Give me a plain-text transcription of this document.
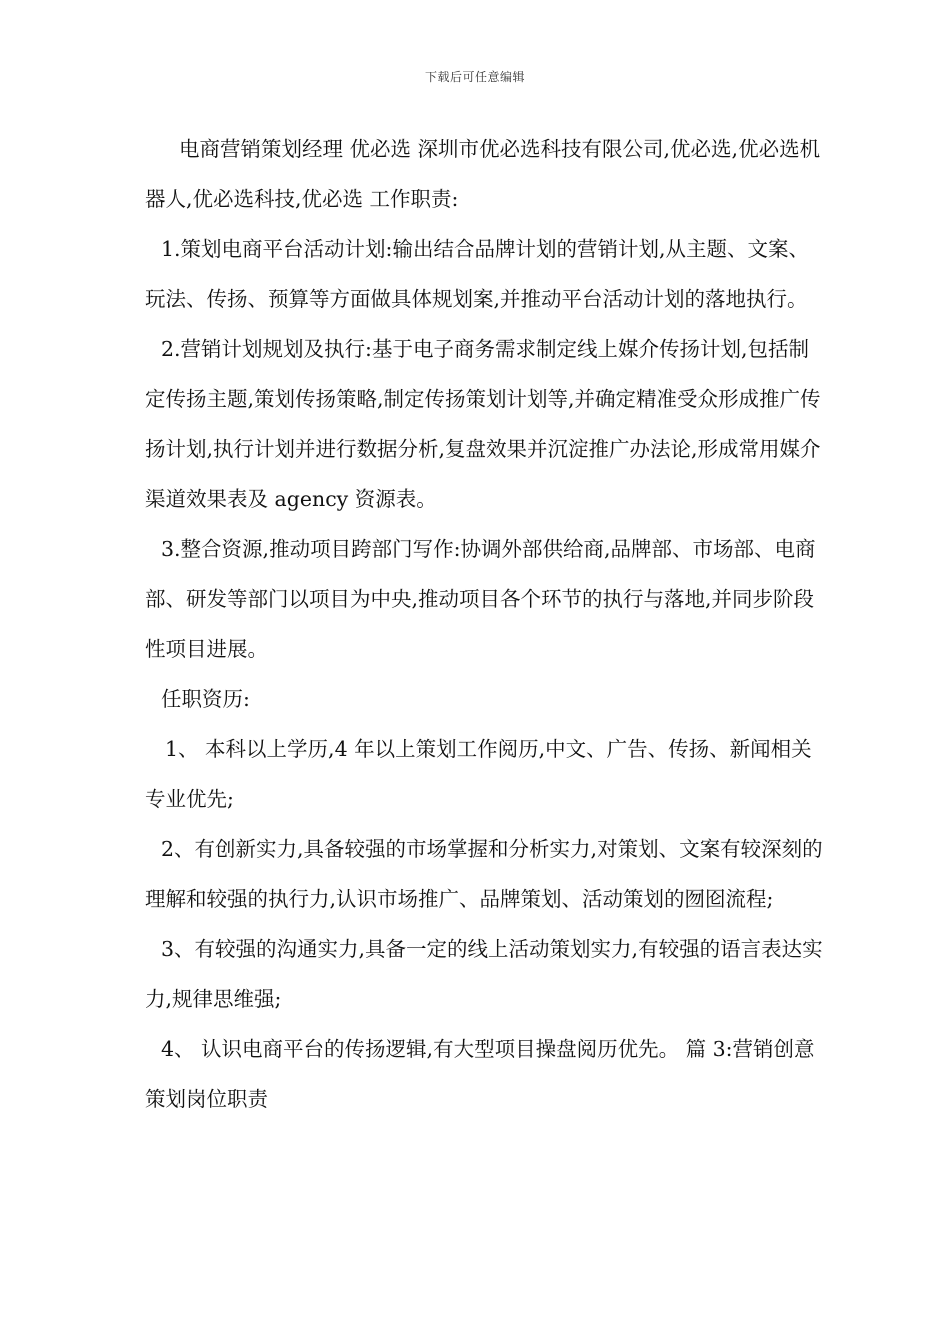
下载后可任意编辑

电商营销策划经理 优必选 深圳市优必选科技有限公司,优必选,优必选机器人,优必选科技,优必选 工作职责:

1.策划电商平台活动计划:输出结合品牌计划的营销计划,从主题、文案、玩法、传扬、预算等方面做具体规划案,并推动平台活动计划的落地执行。

2.营销计划规划及执行:基于电子商务需求制定线上媒介传扬计划,包括制定传扬主题,策划传扬策略,制定传扬策划计划等,并确定精准受众形成推广传扬计划,执行计划并进行数据分析,复盘效果并沉淀推广办法论,形成常用媒介渠道效果表及 agency 资源表。

3.整合资源,推动项目跨部门写作:协调外部供给商,品牌部、市场部、电商部、研发等部门以项目为中央,推动项目各个环节的执行与落地,并同步阶段性项目进展。

任职资历:

1、 本科以上学历,4 年以上策划工作阅历,中文、广告、传扬、新闻相关专业优先;

2、有创新实力,具备较强的市场掌握和分析实力,对策划、文案有较深刻的理解和较强的执行力,认识市场推广、品牌策划、活动策划的囫囵流程;

3、有较强的沟通实力,具备一定的线上活动策划实力,有较强的语言表达实力,规律思维强;

4、 认识电商平台的传扬逻辑,有大型项目操盘阅历优先。 篇 3:营销创意策划岗位职责
